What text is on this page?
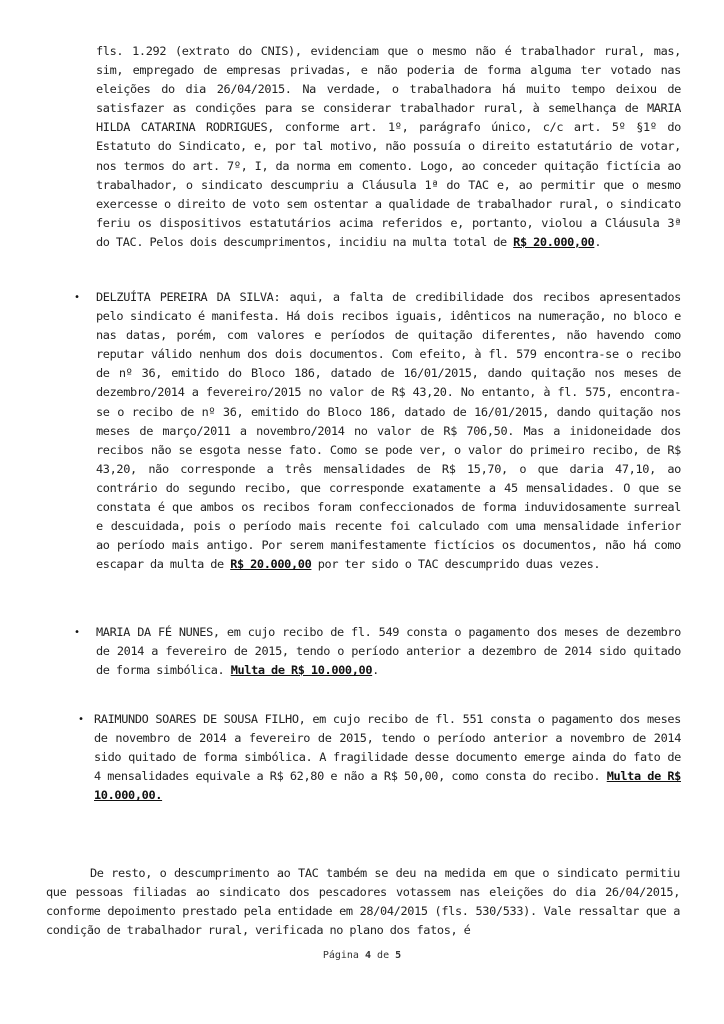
fls. 1.292 (extrato do CNIS), evidenciam que o mesmo não é trabalhador rural, mas, sim, empregado de empresas privadas, e não poderia de forma alguma ter votado nas eleições do dia 26/04/2015. Na verdade, o trabalhadora há muito tempo deixou de satisfazer as condições para se considerar trabalhador rural, à semelhança de MARIA HILDA CATARINA RODRIGUES, conforme art. 1º, parágrafo único, c/c art. 5º §1º do Estatuto do Sindicato, e, por tal motivo, não possuía o direito estatutário de votar, nos termos do art. 7º, I, da norma em comento. Logo, ao conceder quitação fictícia ao trabalhador, o sindicato descumpriu a Cláusula 1ª do TAC e, ao permitir que o mesmo exercesse o direito de voto sem ostentar a qualidade de trabalhador rural, o sindicato feriu os dispositivos estatutários acima referidos e, portanto, violou a Cláusula 3ª do TAC. Pelos dois descumprimentos, incidiu na multa total de R$ 20.000,00.

• DELZUÍTA PEREIRA DA SILVA: aqui, a falta de credibilidade dos recibos apresentados pelo sindicato é manifesta. Há dois recibos iguais, idênticos na numeração, no bloco e nas datas, porém, com valores e períodos de quitação diferentes, não havendo como reputar válido nenhum dos dois documentos. Com efeito, à fl. 579 encontra-se o recibo de nº 36, emitido do Bloco 186, datado de 16/01/2015, dando quitação nos meses de dezembro/2014 a fevereiro/2015 no valor de R$ 43,20. No entanto, à fl. 575, encontra-se o recibo de nº 36, emitido do Bloco 186, datado de 16/01/2015, dando quitação nos meses de março/2011 a novembro/2014 no valor de R$ 706,50. Mas a inidoneidade dos recibos não se esgota nesse fato. Como se pode ver, o valor do primeiro recibo, de R$ 43,20, não corresponde a três mensalidades de R$ 15,70, o que daria 47,10, ao contrário do segundo recibo, que corresponde exatamente a 45 mensalidades. O que se constata é que ambos os recibos foram confeccionados de forma induvidosamente surreal e descuidada, pois o período mais recente foi calculado com uma mensalidade inferior ao período mais antigo. Por serem manifestamente fictícios os documentos, não há como escapar da multa de R$ 20.000,00 por ter sido o TAC descumprido duas vezes.

• MARIA DA FÉ NUNES, em cujo recibo de fl. 549 consta o pagamento dos meses de dezembro de 2014 a fevereiro de 2015, tendo o período anterior a dezembro de 2014 sido quitado de forma simbólica. Multa de R$ 10.000,00.

• RAIMUNDO SOARES DE SOUSA FILHO, em cujo recibo de fl. 551 consta o pagamento dos meses de novembro de 2014 a fevereiro de 2015, tendo o período anterior a novembro de 2014 sido quitado de forma simbólica. A fragilidade desse documento emerge ainda do fato de 4 mensalidades equivale a R$ 62,80 e não a R$ 50,00, como consta do recibo. Multa de R$ 10.000,00.

De resto, o descumprimento ao TAC também se deu na medida em que o sindicato permitiu que pessoas filiadas ao sindicato dos pescadores votassem nas eleições do dia 26/04/2015, conforme depoimento prestado pela entidade em 28/04/2015 (fls. 530/533). Vale ressaltar que a condição de trabalhador rural, verificada no plano dos fatos, é

Página 4 de 5
